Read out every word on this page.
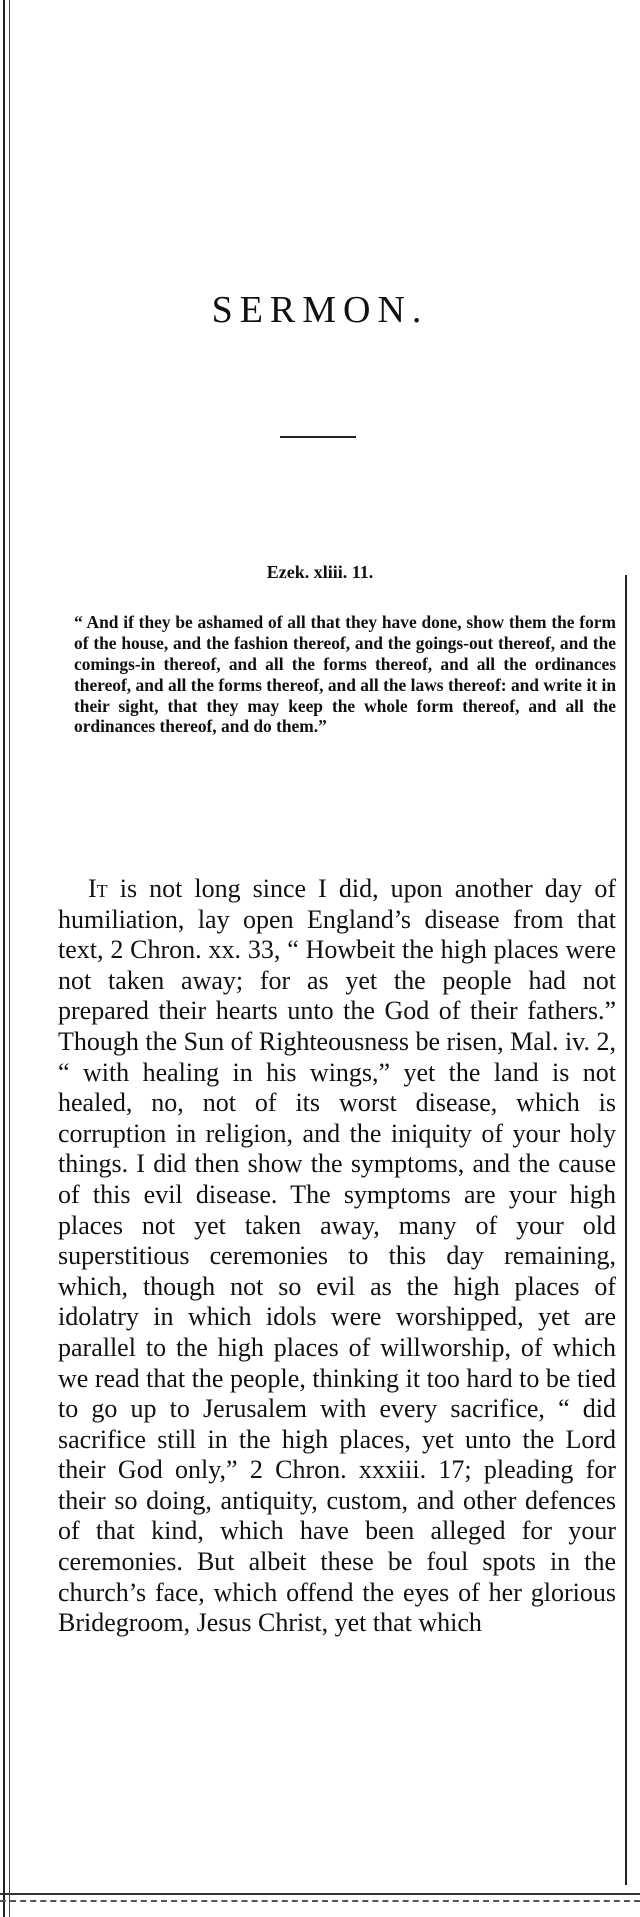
SERMON.
Ezek. xliii. 11.

“ And if they be ashamed of all that they have done, show them the form of the house, and the fashion thereof, and the goings-out thereof, and the comings-in thereof, and all the forms thereof, and all the ordinances thereof, and all the forms thereof, and all the laws thereof: and write it in their sight, that they may keep the whole form thereof, and all the ordinances thereof, and do them.”

It is not long since I did, upon another day of humiliation, lay open England’s disease from that text, 2 Chron. xx. 33, “ Howbeit the high places were not taken away; for as yet the people had not prepared their hearts unto the God of their fathers.” Though the Sun of Righteousness be risen, Mal. iv. 2, “ with healing in his wings,” yet the land is not healed, no, not of its worst disease, which is corruption in religion, and the iniquity of your holy things. I did then show the symptoms, and the cause of this evil disease. The symptoms are your high places not yet taken away, many of your old superstitious ceremonies to this day remaining, which, though not so evil as the high places of idolatry in which idols were worshipped, yet are parallel to the high places of willworship, of which we read that the people, thinking it too hard to be tied to go up to Jerusalem with every sacrifice, “ did sacrifice still in the high places, yet unto the Lord their God only,” 2 Chron. xxxiii. 17; pleading for their so doing, antiquity, custom, and other defences of that kind, which have been alleged for your ceremonies. But albeit these be foul spots in the church’s face, which offend the eyes of her glorious Bridegroom, Jesus Christ, yet that which
